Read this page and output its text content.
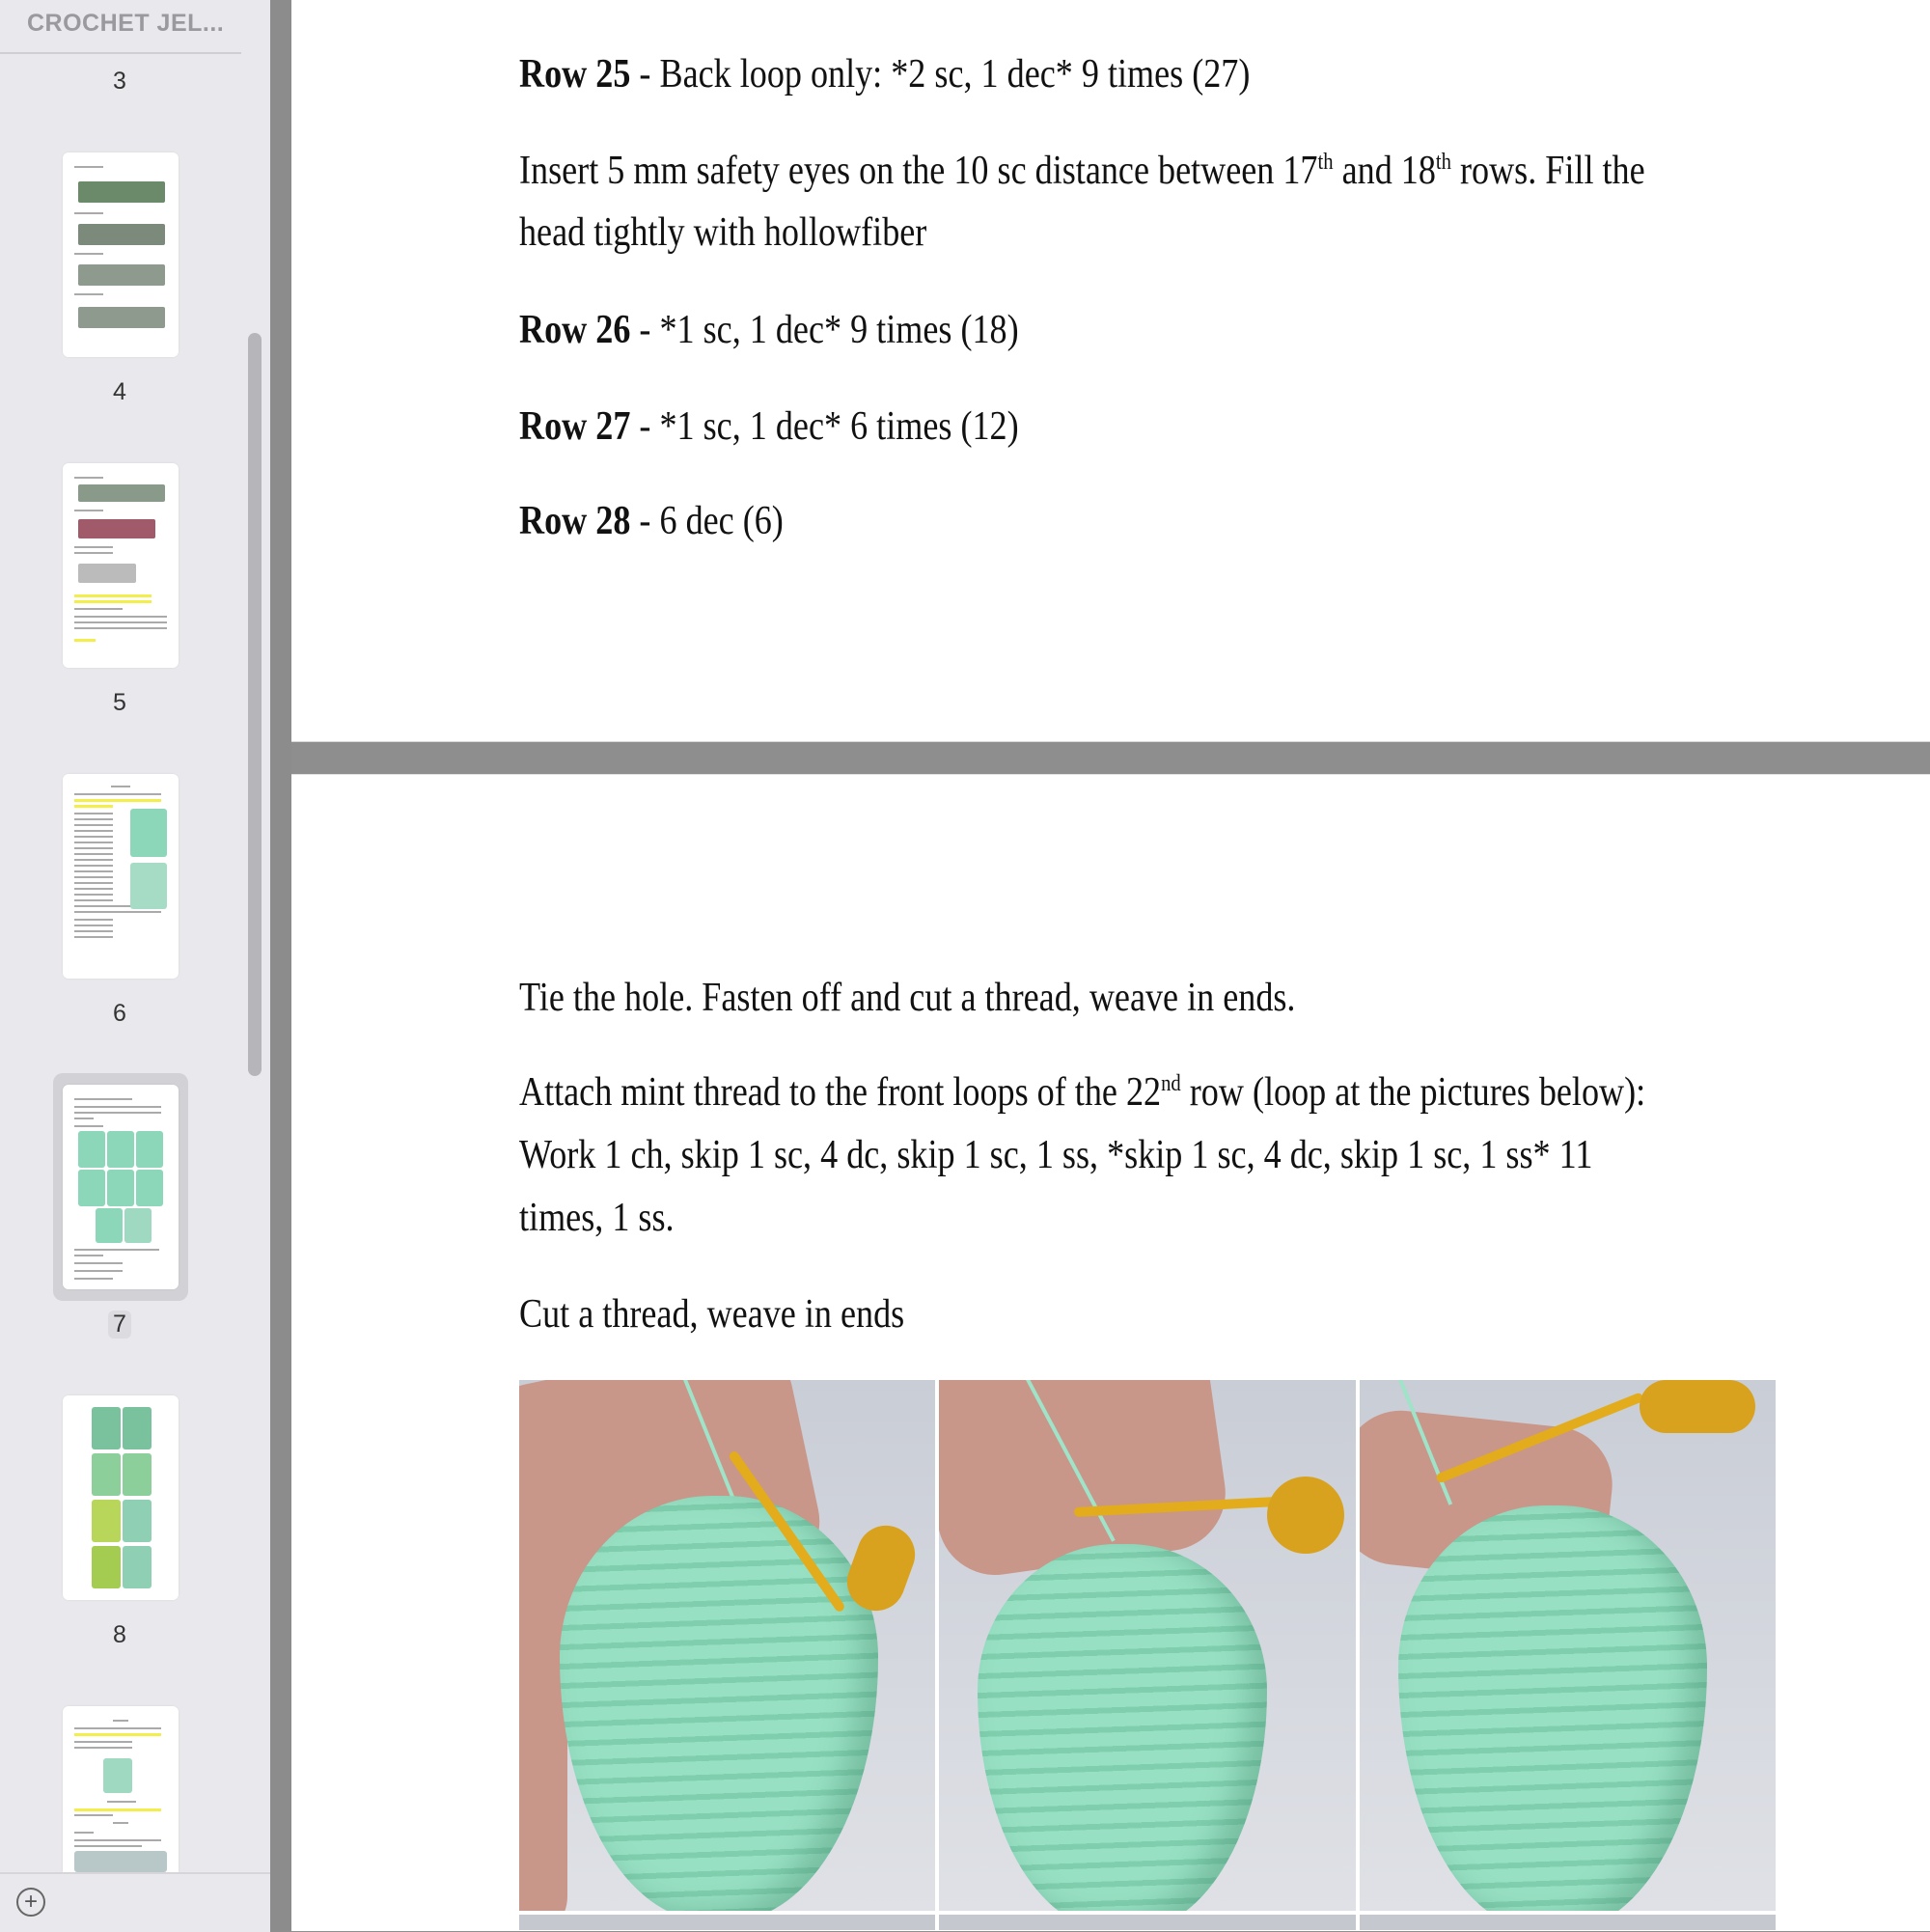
CROCHET JEL...
3
4
5
6
7
8
+
Row 25 - Back loop only: *2 sc, 1 dec* 9 times (27)
Insert 5 mm safety eyes on the 10 sc distance between 17th and 18th rows. Fill the
head tightly with hollowfiber
Row 26 - *1 sc, 1 dec* 9 times (18)
Row 27 - *1 sc, 1 dec* 6 times (12)
Row 28 - 6 dec (6)
Tie the hole. Fasten off and cut a thread, weave in ends.
Attach mint thread to the front loops of the 22nd row (loop at the pictures below):
Work 1 ch, skip 1 sc, 4 dc, skip 1 sc, 1 ss, *skip 1 sc, 4 dc, skip 1 sc, 1 ss* 11
times, 1 ss.
Cut a thread, weave in ends
